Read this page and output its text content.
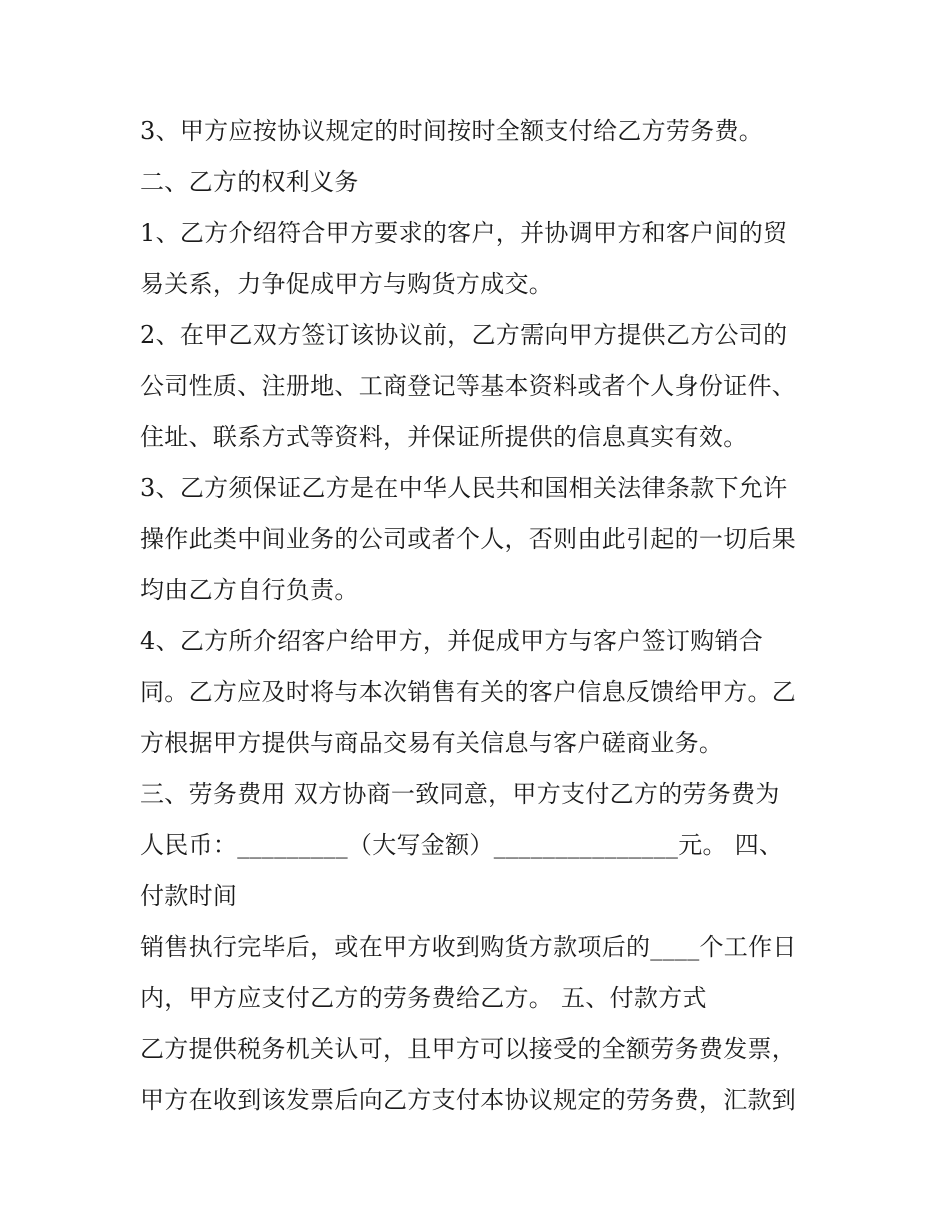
3、甲方应按协议规定的时间按时全额支付给乙方劳务费。
二、乙方的权利义务
1、乙方介绍符合甲方要求的客户，并协调甲方和客户间的贸
易关系，力争促成甲方与购货方成交。
2、在甲乙双方签订该协议前，乙方需向甲方提供乙方公司的
公司性质、注册地、工商登记等基本资料或者个人身份证件、
住址、联系方式等资料，并保证所提供的信息真实有效。
3、乙方须保证乙方是在中华人民共和国相关法律条款下允许
操作此类中间业务的公司或者个人，否则由此引起的一切后果
均由乙方自行负责。
4、乙方所介绍客户给甲方，并促成甲方与客户签订购销合
同。乙方应及时将与本次销售有关的客户信息反馈给甲方。乙
方根据甲方提供与商品交易有关信息与客户磋商业务。
三、劳务费用 双方协商一致同意，甲方支付乙方的劳务费为
人民币：_________（大写金额）_______________元。 四、
付款时间
销售执行完毕后，或在甲方收到购货方款项后的____个工作日
内，甲方应支付乙方的劳务费给乙方。 五、付款方式
乙方提供税务机关认可，且甲方可以接受的全额劳务费发票，
甲方在收到该发票后向乙方支付本协议规定的劳务费，汇款到
